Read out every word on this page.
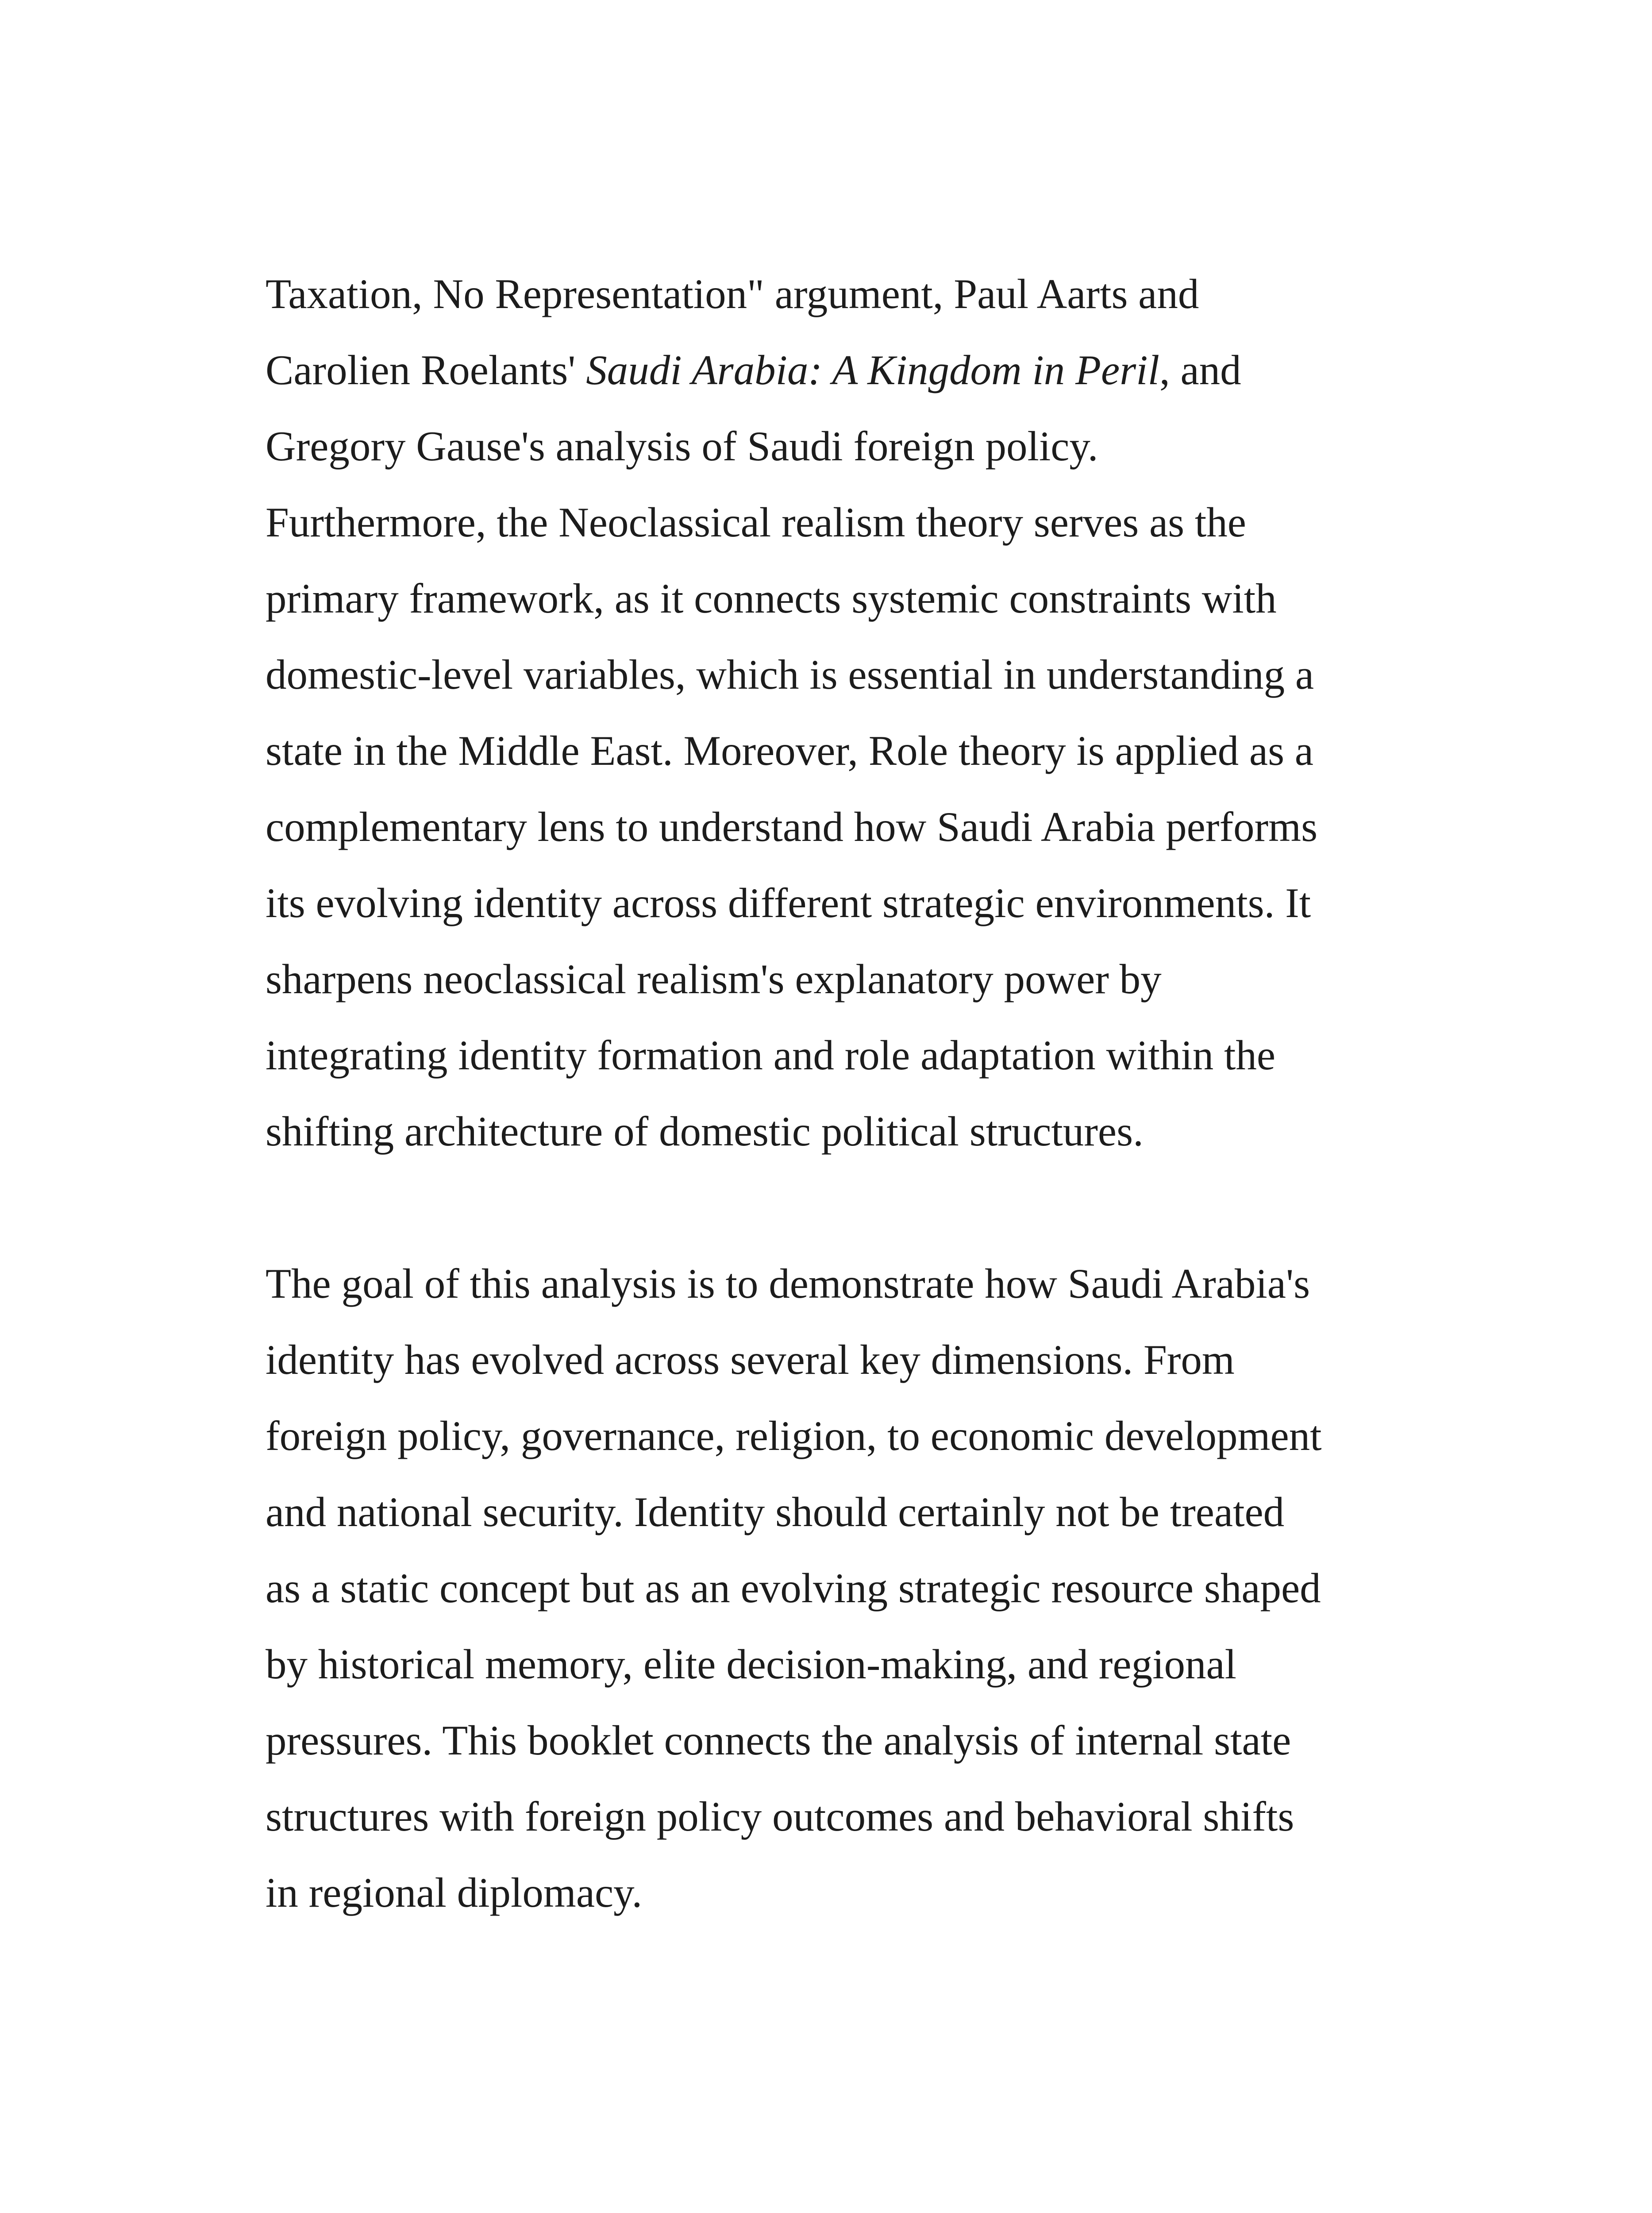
Taxation, No Representation" argument, Paul Aarts and
Carolien Roelants' Saudi Arabia: A Kingdom in Peril, and
Gregory Gause's analysis of Saudi foreign policy.
Furthermore, the Neoclassical realism theory serves as the
primary framework, as it connects systemic constraints with
domestic-level variables, which is essential in understanding a
state in the Middle East. Moreover, Role theory is applied as a
complementary lens to understand how Saudi Arabia performs
its evolving identity across different strategic environments. It
sharpens neoclassical realism's explanatory power by
integrating identity formation and role adaptation within the
shifting architecture of domestic political structures.

The goal of this analysis is to demonstrate how Saudi Arabia's
identity has evolved across several key dimensions. From
foreign policy, governance, religion, to economic development
and national security. Identity should certainly not be treated
as a static concept but as an evolving strategic resource shaped
by historical memory, elite decision-making, and regional
pressures. This booklet connects the analysis of internal state
structures with foreign policy outcomes and behavioral shifts
in regional diplomacy.
